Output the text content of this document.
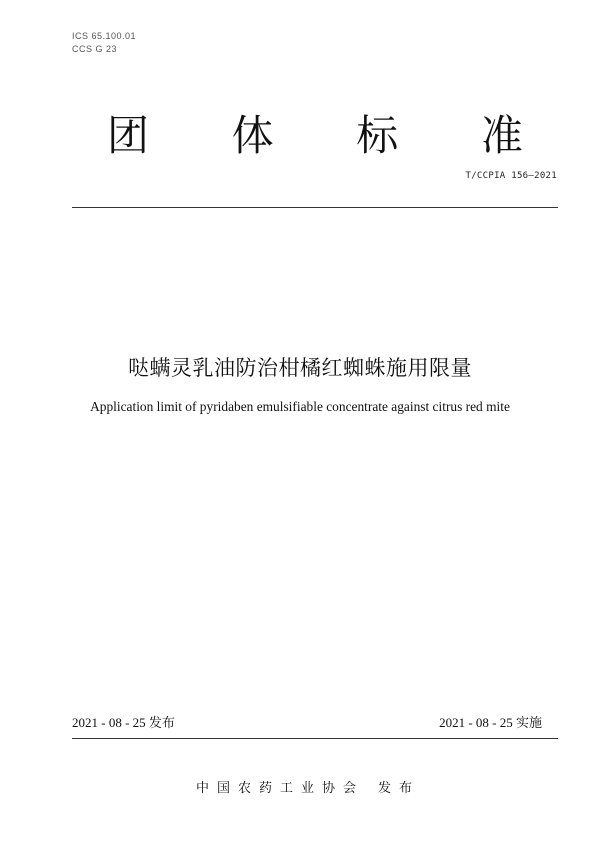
ICS 65.100.01
CCS G 23
团 体 标 准
T/CCPIA 156—2021
哒螨灵乳油防治柑橘红蜘蛛施用限量
Application limit of pyridaben emulsifiable concentrate against citrus red mite
2021 - 08 - 25 发布	2021 - 08 - 25 实施
中国农药工业协会 发布
